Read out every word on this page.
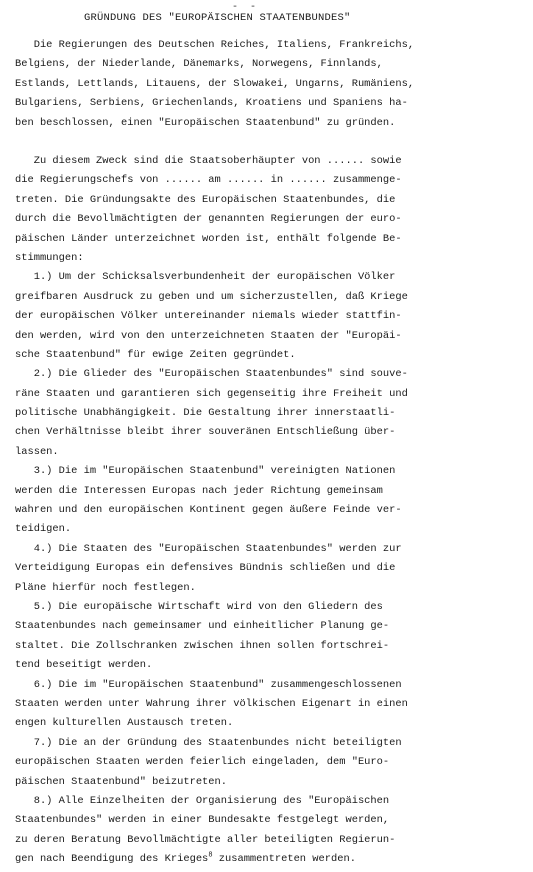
- -
GRÜNDUNG DES "EUROPÄISCHEN STAATENBUNDES"
Die Regierungen des Deutschen Reiches, Italiens, Frankreichs,
Belgiens, der Niederlande, Dänemarks, Norwegens, Finnlands,
Estlands, Lettlands, Litauens, der Slowakei, Ungarns, Rumäniens,
Bulgariens, Serbiens, Griechenlands, Kroatiens und Spaniens ha-
ben beschlossen, einen "Europäischen Staatenbund" zu gründen.
Zu diesem Zweck sind die Staatsoberhäupter von ...... sowie
die Regierungschefs von ...... am ...... in ...... zusammenge-
treten. Die Gründungsakte des Europäischen Staatenbundes, die
durch die Bevollmächtigten der genannten Regierungen der euro-
päischen Länder unterzeichnet worden ist, enthält folgende Be-
stimmungen:
1.) Um der Schicksalsverbundenheit der europäischen Völker
greifbaren Ausdruck zu geben und um sicherzustellen, daß Kriege
der europäischen Völker untereinander niemals wieder stattfin-
den werden, wird von den unterzeichneten Staaten der "Europäi-
sche Staatenbund" für ewige Zeiten gegründet.
2.) Die Glieder des "Europäischen Staatenbundes" sind souve-
räne Staaten und garantieren sich gegenseitig ihre Freiheit und
politische Unabhängigkeit. Die Gestaltung ihrer innerstaatli-
chen Verhältnisse bleibt ihrer souveränen Entschließung über-
lassen.
3.) Die im "Europäischen Staatenbund" vereinigten Nationen
werden die Interessen Europas nach jeder Richtung gemeinsam
wahren und den europäischen Kontinent gegen äußere Feinde ver-
teidigen.
4.) Die Staaten des "Europäischen Staatenbundes" werden zur
Verteidigung Europas ein defensives Bündnis schließen und die
Pläne hierfür noch festlegen.
5.) Die europäische Wirtschaft wird von den Gliedern des
Staatenbundes nach gemeinsamer und einheitlicher Planung ge-
staltet. Die Zollschranken zwischen ihnen sollen fortschrei-
tend beseitigt werden.
6.) Die im "Europäischen Staatenbund" zusammengeschlossenen
Staaten werden unter Wahrung ihrer völkischen Eigenart in einen
engen kulturellen Austausch treten.
7.) Die an der Gründung des Staatenbundes nicht beteiligten
europäischen Staaten werden feierlich eingeladen, dem "Euro-
päischen Staatenbund" beizutreten.
8.) Alle Einzelheiten der Organisierung des "Europäischen
Staatenbundes" werden in einer Bundesakte festgelegt werden,
zu deren Beratung Bevollmächtigte aller beteiligten Regierun-
gen nach Beendigung des Krieges$^8$ zusammentreten werden.
